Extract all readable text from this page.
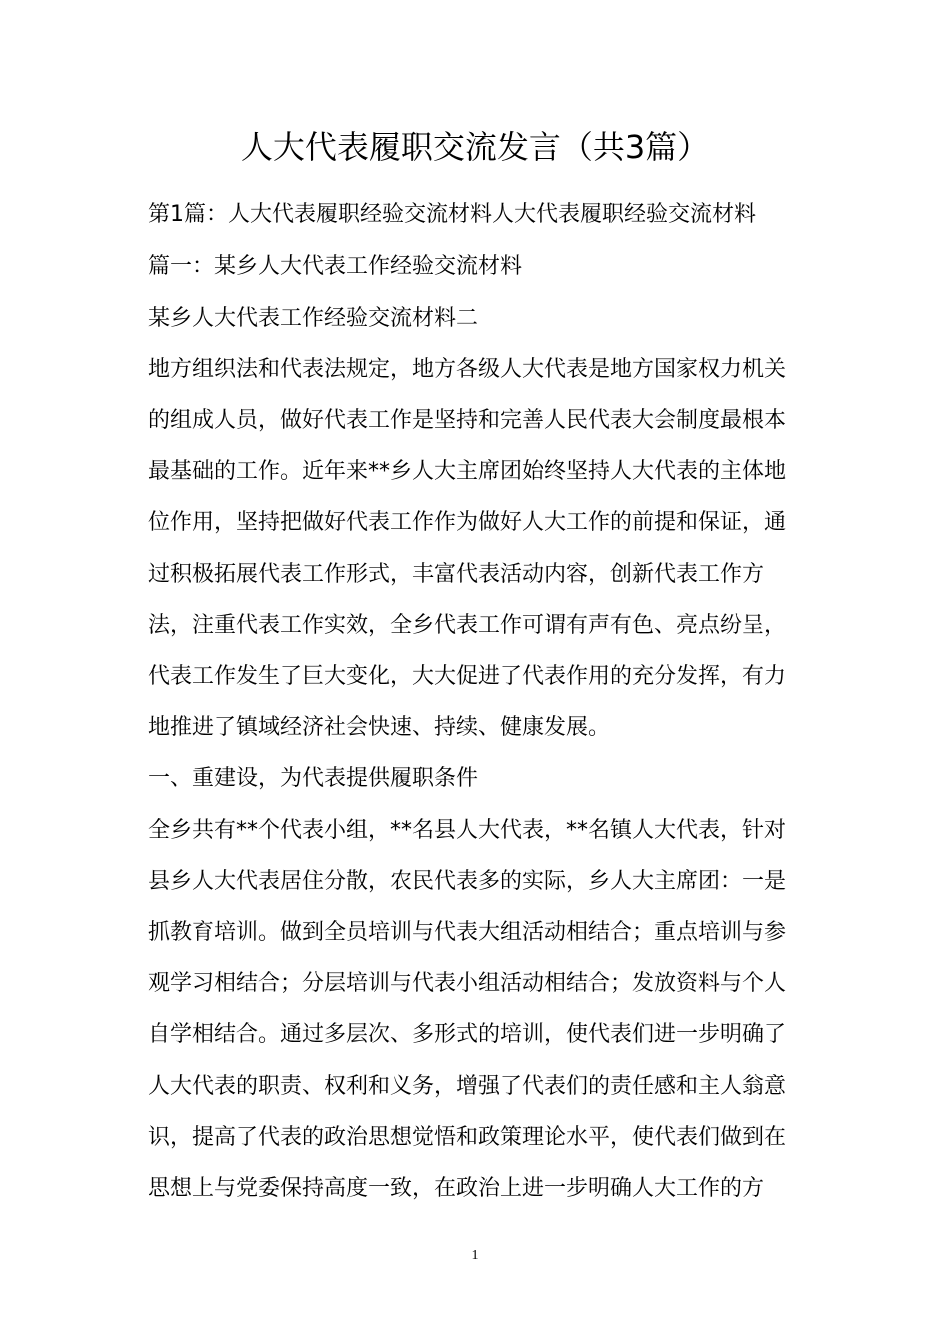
人大代表履职交流发言（共3篇）

第1篇：人大代表履职经验交流材料人大代表履职经验交流材料

篇一：某乡人大代表工作经验交流材料

某乡人大代表工作经验交流材料二

地方组织法和代表法规定，地方各级人大代表是地方国家权力机关

的组成人员，做好代表工作是坚持和完善人民代表大会制度最根本

最基础的工作。近年来**乡人大主席团始终坚持人大代表的主体地

位作用，坚持把做好代表工作作为做好人大工作的前提和保证，通

过积极拓展代表工作形式，丰富代表活动内容，创新代表工作方

法，注重代表工作实效，全乡代表工作可谓有声有色、亮点纷呈，

代表工作发生了巨大变化，大大促进了代表作用的充分发挥，有力

地推进了镇域经济社会快速、持续、健康发展。

一、重建设，为代表提供履职条件

全乡共有**个代表小组，**名县人大代表，**名镇人大代表，针对

县乡人大代表居住分散，农民代表多的实际，乡人大主席团：一是

抓教育培训。做到全员培训与代表大组活动相结合；重点培训与参

观学习相结合；分层培训与代表小组活动相结合；发放资料与个人

自学相结合。通过多层次、多形式的培训，使代表们进一步明确了

人大代表的职责、权利和义务，增强了代表们的责任感和主人翁意

识，提高了代表的政治思想觉悟和政策理论水平，使代表们做到在

思想上与党委保持高度一致，在政治上进一步明确人大工作的方

1
